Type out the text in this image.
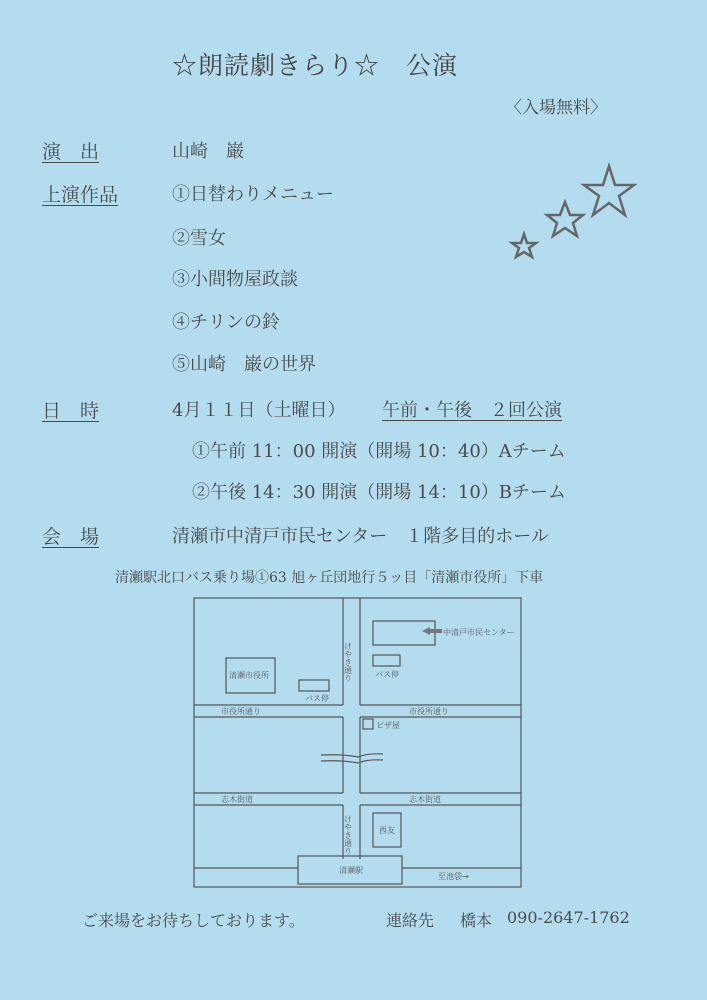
☆朗読劇きらり☆　公演
〈入場無料〉
演　出	山崎　巌
上演作品	①日替わりメニュー
②雪女
③小間物屋政談
④チリンの鈴
⑤山崎　巌の世界
日　時	4月１１日（土曜日） 午前・午後　２回公演
①午前 11：00 開演（開場 10：40）Aチーム
②午後 14：30 開演（開場 14：10）Bチーム
会　場	清瀬市中清戸市民センター　１階多目的ホール
清瀬駅北口バス乗り場①63 旭ヶ丘団地行５ッ目「清瀬市役所」下車
中清戸市民センター
清瀬市役所
バス停
バス停
けやき通り
けやき通り
市役所通り	市役所通り
ピザ屋
志木街道	志木街道
西友
清瀬駅
至池袋→
ご来場をお待ちしております。	連絡先 橋本 090-2647-1762
